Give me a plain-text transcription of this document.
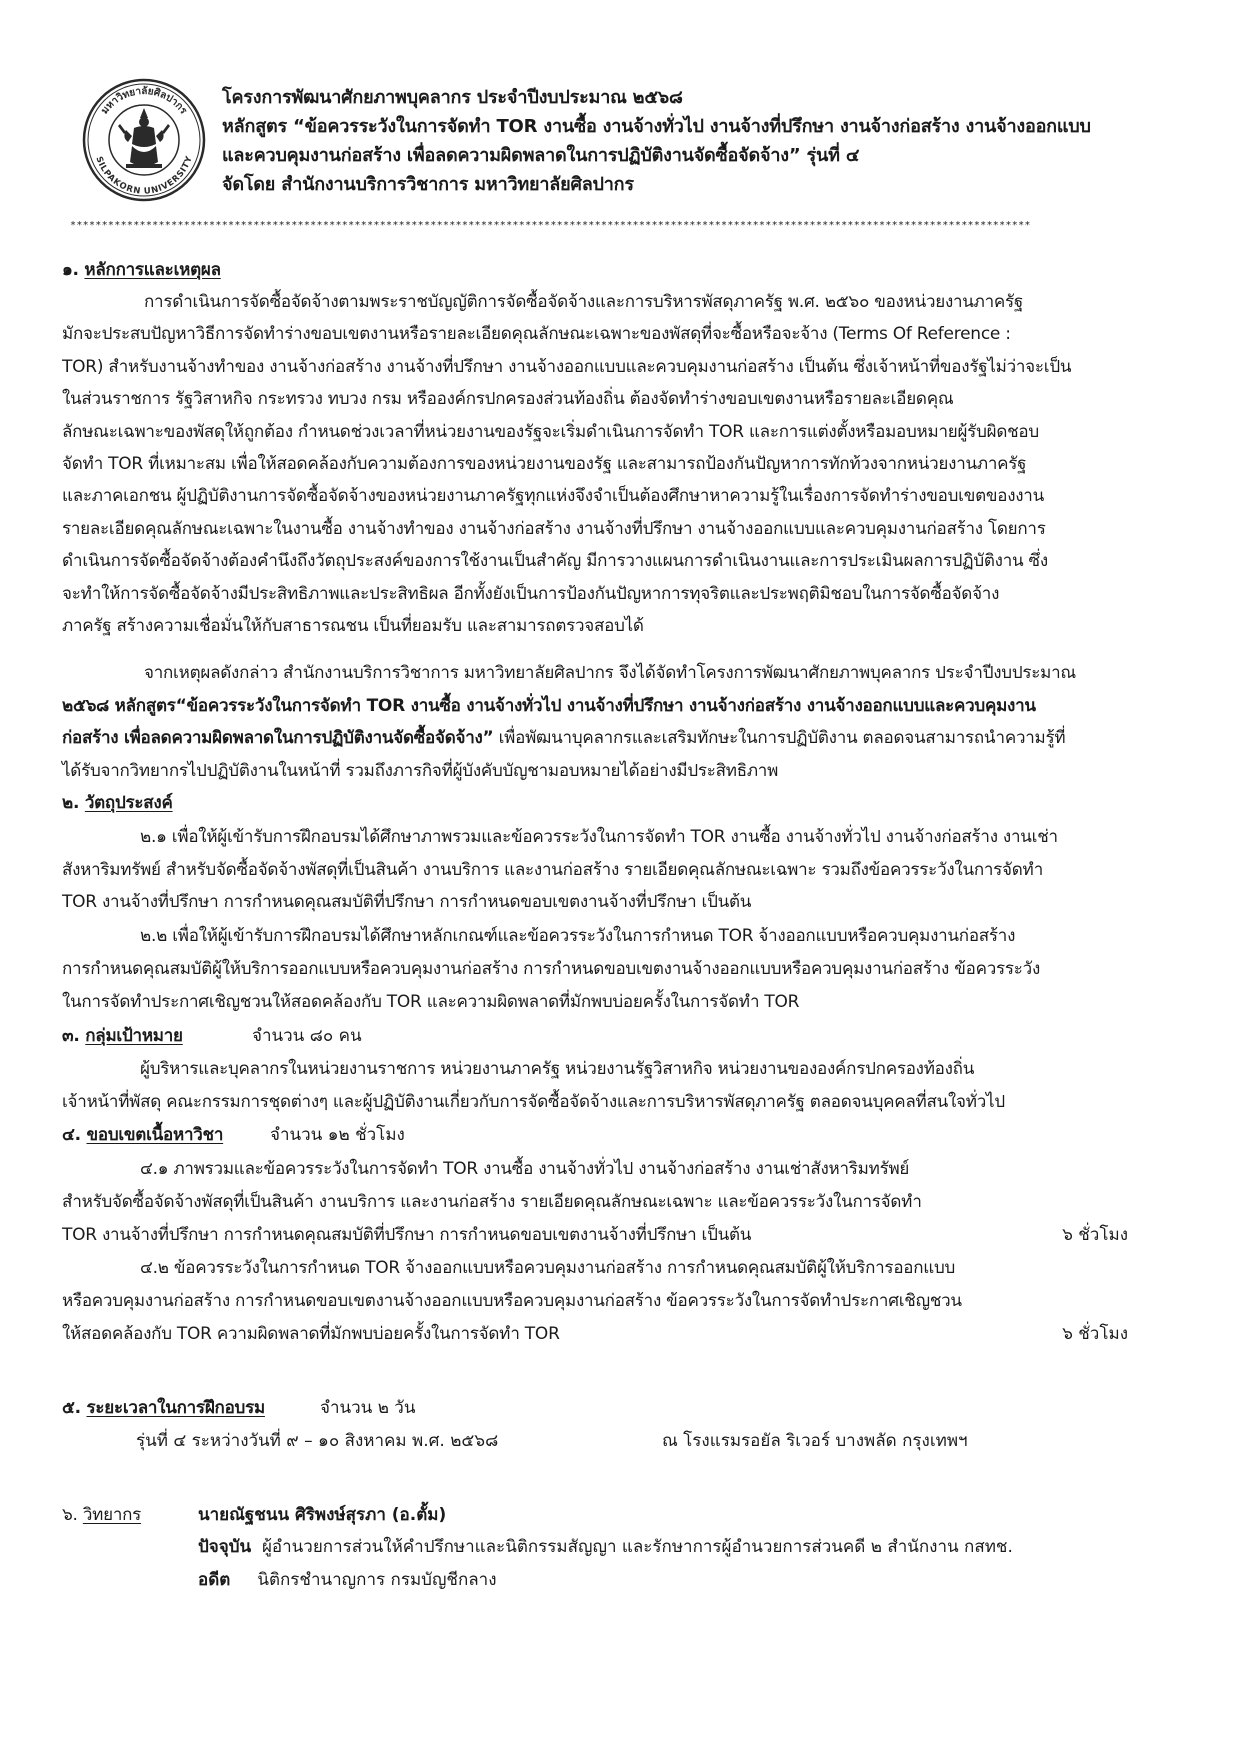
มหาวิทยาลัยศิลปากร
SILPAKORN UNIVERSITY
โครงการพัฒนาศักยภาพบุคลากร ประจำปีงบประมาณ ๒๕๖๘
หลักสูตร “ข้อควรระวังในการจัดทำ TOR งานซื้อ งานจ้างทั่วไป งานจ้างที่ปรึกษา งานจ้างก่อสร้าง งานจ้างออกแบบ
และควบคุมงานก่อสร้าง เพื่อลดความผิดพลาดในการปฏิบัติงานจัดซื้อจัดจ้าง” รุ่นที่ ๔
จัดโดย สำนักงานบริการวิชาการ มหาวิทยาลัยศิลปากร
********************************************************************************************************************************************************
๑. หลักการและเหตุผล
การดำเนินการจัดซื้อจัดจ้างตามพระราชบัญญัติการจัดซื้อจัดจ้างและการบริหารพัสดุภาครัฐ พ.ศ. ๒๕๖๐ ของหน่วยงานภาครัฐ
มักจะประสบปัญหาวิธีการจัดทำร่างขอบเขตงานหรือรายละเอียดคุณลักษณะเฉพาะของพัสดุที่จะซื้อหรือจะจ้าง (Terms Of Reference :
TOR) สำหรับงานจ้างทำของ งานจ้างก่อสร้าง งานจ้างที่ปรึกษา งานจ้างออกแบบและควบคุมงานก่อสร้าง เป็นต้น ซึ่งเจ้าหน้าที่ของรัฐไม่ว่าจะเป็น
ในส่วนราชการ รัฐวิสาหกิจ กระทรวง ทบวง กรม หรือองค์กรปกครองส่วนท้องถิ่น ต้องจัดทำร่างขอบเขตงานหรือรายละเอียดคุณ
ลักษณะเฉพาะของพัสดุให้ถูกต้อง กำหนดช่วงเวลาที่หน่วยงานของรัฐจะเริ่มดำเนินการจัดทำ TOR และการแต่งตั้งหรือมอบหมายผู้รับผิดชอบ
จัดทำ TOR ที่เหมาะสม เพื่อให้สอดคล้องกับความต้องการของหน่วยงานของรัฐ และสามารถป้องกันปัญหาการทักท้วงจากหน่วยงานภาครัฐ
และภาคเอกชน ผู้ปฏิบัติงานการจัดซื้อจัดจ้างของหน่วยงานภาครัฐทุกแห่งจึงจำเป็นต้องศึกษาหาความรู้ในเรื่องการจัดทำร่างขอบเขตของงาน
รายละเอียดคุณลักษณะเฉพาะในงานซื้อ งานจ้างทำของ งานจ้างก่อสร้าง งานจ้างที่ปรึกษา งานจ้างออกแบบและควบคุมงานก่อสร้าง โดยการ
ดำเนินการจัดซื้อจัดจ้างต้องคำนึงถึงวัตถุประสงค์ของการใช้งานเป็นสำคัญ มีการวางแผนการดำเนินงานและการประเมินผลการปฏิบัติงาน ซึ่ง
จะทำให้การจัดซื้อจัดจ้างมีประสิทธิภาพและประสิทธิผล อีกทั้งยังเป็นการป้องกันปัญหาการทุจริตและประพฤติมิชอบในการจัดซื้อจัดจ้าง
ภาครัฐ สร้างความเชื่อมั่นให้กับสาธารณชน เป็นที่ยอมรับ และสามารถตรวจสอบได้
จากเหตุผลดังกล่าว สำนักงานบริการวิชาการ มหาวิทยาลัยศิลปากร จึงได้จัดทำโครงการพัฒนาศักยภาพบุคลากร ประจำปีงบประมาณ
๒๕๖๘ หลักสูตร“ข้อควรระวังในการจัดทำ TOR งานซื้อ งานจ้างทั่วไป งานจ้างที่ปรึกษา งานจ้างก่อสร้าง งานจ้างออกแบบและควบคุมงาน
ก่อสร้าง เพื่อลดความผิดพลาดในการปฏิบัติงานจัดซื้อจัดจ้าง” เพื่อพัฒนาบุคลากรและเสริมทักษะในการปฏิบัติงาน ตลอดจนสามารถนำความรู้ที่
ได้รับจากวิทยากรไปปฏิบัติงานในหน้าที่ รวมถึงภารกิจที่ผู้บังคับบัญชามอบหมายได้อย่างมีประสิทธิภาพ
๒. วัตถุประสงค์
๒.๑ เพื่อให้ผู้เข้ารับการฝึกอบรมได้ศึกษาภาพรวมและข้อควรระวังในการจัดทำ TOR งานซื้อ งานจ้างทั่วไป งานจ้างก่อสร้าง งานเช่า
สังหาริมทรัพย์ สำหรับจัดซื้อจัดจ้างพัสดุที่เป็นสินค้า งานบริการ และงานก่อสร้าง รายเอียดคุณลักษณะเฉพาะ รวมถึงข้อควรระวังในการจัดทำ
TOR งานจ้างที่ปรึกษา การกำหนดคุณสมบัติที่ปรึกษา การกำหนดขอบเขตงานจ้างที่ปรึกษา เป็นต้น
๒.๒ เพื่อให้ผู้เข้ารับการฝึกอบรมได้ศึกษาหลักเกณฑ์และข้อควรระวังในการกำหนด TOR จ้างออกแบบหรือควบคุมงานก่อสร้าง
การกำหนดคุณสมบัติผู้ให้บริการออกแบบหรือควบคุมงานก่อสร้าง การกำหนดขอบเขตงานจ้างออกแบบหรือควบคุมงานก่อสร้าง ข้อควรระวัง
ในการจัดทำประกาศเชิญชวนให้สอดคล้องกับ TOR และความผิดพลาดที่มักพบบ่อยครั้งในการจัดทำ TOR
๓. กลุ่มเป้าหมาย	จำนวน ๘๐ คน
ผู้บริหารและบุคลากรในหน่วยงานราชการ หน่วยงานภาครัฐ หน่วยงานรัฐวิสาหกิจ หน่วยงานขององค์กรปกครองท้องถิ่น
เจ้าหน้าที่พัสดุ คณะกรรมการชุดต่างๆ และผู้ปฏิบัติงานเกี่ยวกับการจัดซื้อจัดจ้างและการบริหารพัสดุภาครัฐ ตลอดจนบุคคลที่สนใจทั่วไป
๔. ขอบเขตเนื้อหาวิชา	จำนวน ๑๒ ชั่วโมง
๔.๑ ภาพรวมและข้อควรระวังในการจัดทำ TOR งานซื้อ งานจ้างทั่วไป งานจ้างก่อสร้าง งานเช่าสังหาริมทรัพย์
สำหรับจัดซื้อจัดจ้างพัสดุที่เป็นสินค้า งานบริการ และงานก่อสร้าง รายเอียดคุณลักษณะเฉพาะ และข้อควรระวังในการจัดทำ
TOR งานจ้างที่ปรึกษา การกำหนดคุณสมบัติที่ปรึกษา การกำหนดขอบเขตงานจ้างที่ปรึกษา เป็นต้น	๖ ชั่วโมง
๔.๒ ข้อควรระวังในการกำหนด TOR จ้างออกแบบหรือควบคุมงานก่อสร้าง การกำหนดคุณสมบัติผู้ให้บริการออกแบบ
หรือควบคุมงานก่อสร้าง การกำหนดขอบเขตงานจ้างออกแบบหรือควบคุมงานก่อสร้าง ข้อควรระวังในการจัดทำประกาศเชิญชวน
ให้สอดคล้องกับ TOR ความผิดพลาดที่มักพบบ่อยครั้งในการจัดทำ TOR	๖ ชั่วโมง
๕. ระยะเวลาในการฝึกอบรม	จำนวน ๒ วัน
รุ่นที่ ๔ ระหว่างวันที่ ๙ – ๑๐ สิงหาคม พ.ศ. ๒๕๖๘	ณ โรงแรมรอยัล ริเวอร์ บางพลัด กรุงเทพฯ
๖. วิทยากร	นายณัฐชนน ศิริพงษ์สุรภา (อ.ตั้ม)
ปัจจุบัน ผู้อำนวยการส่วนให้คำปรึกษาและนิติกรรมสัญญา และรักษาการผู้อำนวยการส่วนคดี ๒ สำนักงาน กสทช.
อดีต นิติกรชำนาญการ กรมบัญชีกลาง
